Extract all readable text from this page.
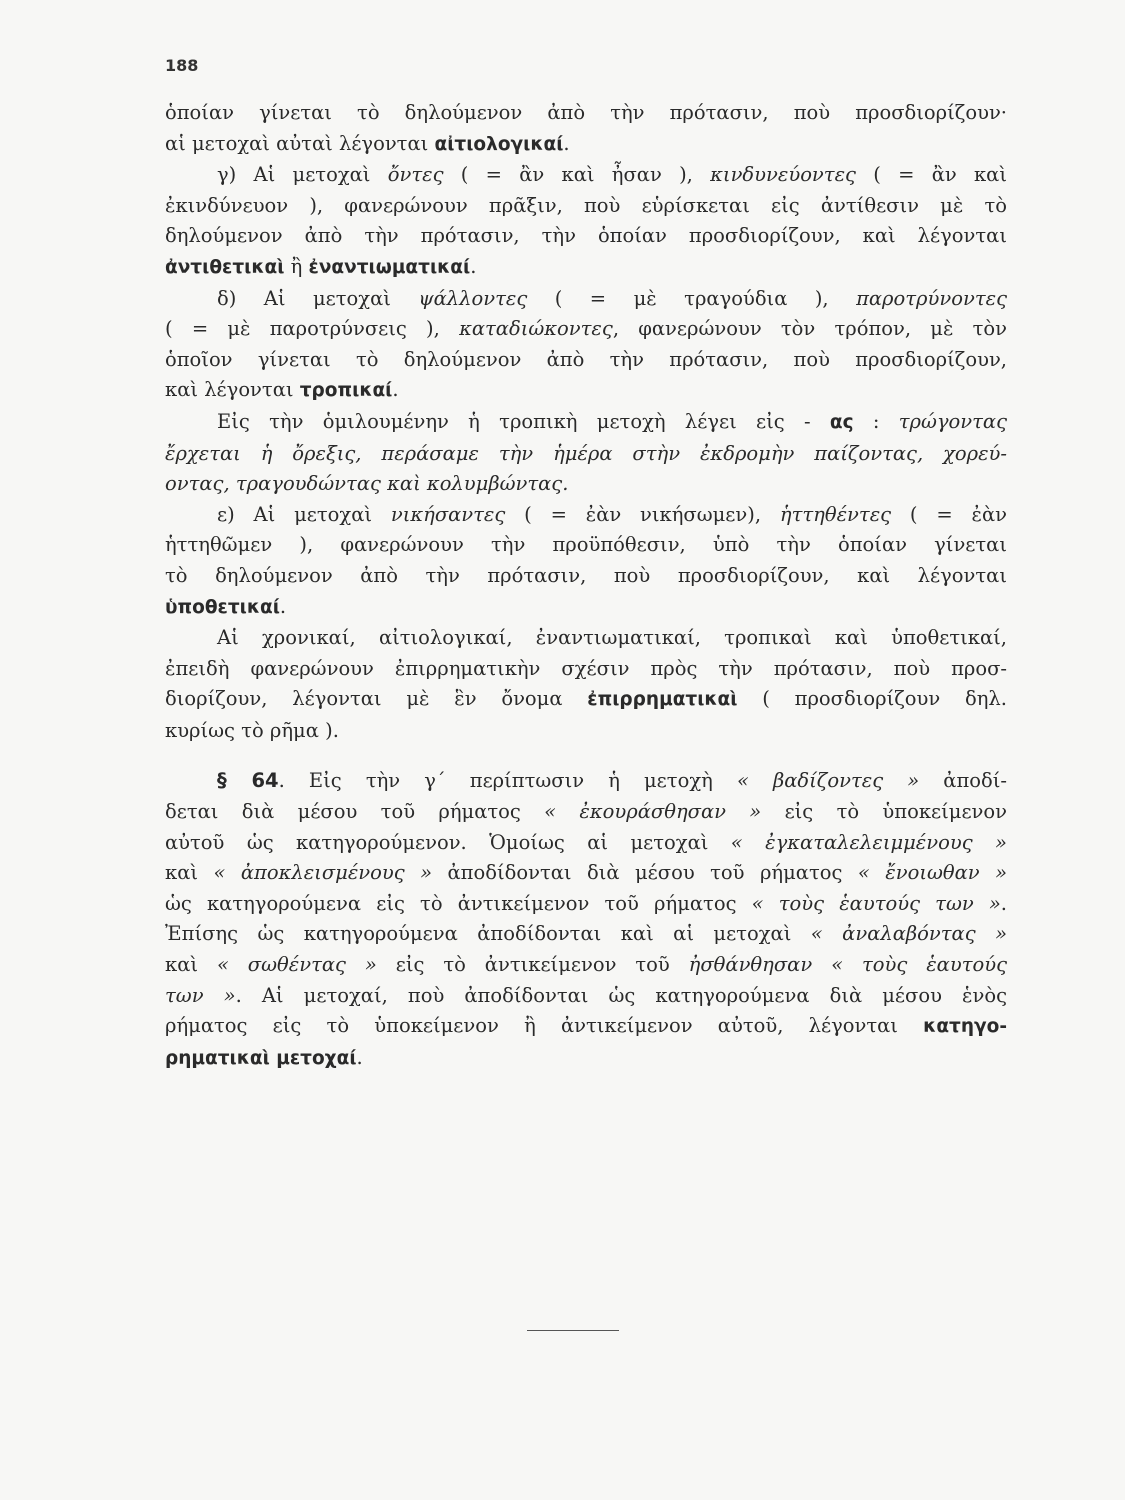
188
ὁποίαν γίνεται τὸ δηλούμενον ἀπὸ τὴν πρότασιν, ποὺ προσδιορίζουν·
αἱ μετοχαὶ αὐταὶ λέγονται αἰτιολογικαί.
γ) Αἱ μετοχαὶ ὄντες ( = ἂν καὶ ἦσαν ), κινδυνεύοντες ( = ἂν καὶ
ἐκινδύνευον ), φανερώνουν πρᾶξιν, ποὺ εὑρίσκεται εἰς ἀντίθεσιν μὲ τὸ
δηλούμενον ἀπὸ τὴν πρότασιν, τὴν ὁποίαν προσδιορίζουν, καὶ λέγονται
ἀντιθετικαὶ ἢ ἐναντιωματικαί.
δ) Αἱ μετοχαὶ ψάλλοντες ( = μὲ τραγούδια ), παροτρύνοντες
( = μὲ παροτρύνσεις ), καταδιώκοντες, φανερώνουν τὸν τρόπον, μὲ τὸν
ὁποῖον γίνεται τὸ δηλούμενον ἀπὸ τὴν πρότασιν, ποὺ προσδιορίζουν,
καὶ λέγονται τροπικαί.
Εἰς τὴν ὁμιλουμένην ἡ τροπικὴ μετοχὴ λέγει εἰς - ας : τρώγοντας
ἔρχεται ἡ ὄρεξις, περάσαμε τὴν ἡμέρα στὴν ἐκδρομὴν παίζοντας, χορεύ-
οντας, τραγουδώντας καὶ κολυμβώντας.
ε) Αἱ μετοχαὶ νικήσαντες ( = ἐὰν νικήσωμεν), ἡττηθέντες ( = ἐὰν
ἡττηθῶμεν ), φανερώνουν τὴν προϋπόθεσιν, ὑπὸ τὴν ὁποίαν γίνεται
τὸ δηλούμενον ἀπὸ τὴν πρότασιν, ποὺ προσδιορίζουν, καὶ λέγονται
ὑποθετικαί.
Αἱ χρονικαί, αἰτιολογικαί, ἐναντιωματικαί, τροπικαὶ καὶ ὑποθετικαί,
ἐπειδὴ φανερώνουν ἐπιρρηματικὴν σχέσιν πρὸς τὴν πρότασιν, ποὺ προσ-
διορίζουν, λέγονται μὲ ἓν ὄνομα ἐπιρρηματικαὶ ( προσδιορίζουν δηλ.
κυρίως τὸ ρῆμα ).
§ 64. Εἰς τὴν γ΄ περίπτωσιν ἡ μετοχὴ « βαδίζοντες » ἀποδί-
δεται διὰ μέσου τοῦ ρήματος « ἐκουράσθησαν » εἰς τὸ ὑποκείμενον
αὐτοῦ ὡς κατηγορούμενον. Ὁμοίως αἱ μετοχαὶ « ἐγκαταλελειμμένους »
καὶ « ἀποκλεισμένους » ἀποδίδονται διὰ μέσου τοῦ ρήματος « ἔνοιωθαν »
ὡς κατηγορούμενα εἰς τὸ ἀντικείμενον τοῦ ρήματος « τοὺς ἑαυτούς των ».
Ἐπίσης ὡς κατηγορούμενα ἀποδίδονται καὶ αἱ μετοχαὶ « ἀναλαβόντας »
καὶ « σωθέντας » εἰς τὸ ἀντικείμενον τοῦ ἠσθάνθησαν « τοὺς ἑαυτούς
των ». Αἱ μετοχαί, ποὺ ἀποδίδονται ὡς κατηγορούμενα διὰ μέσου ἑνὸς
ρήματος εἰς τὸ ὑποκείμενον ἢ ἀντικείμενον αὐτοῦ, λέγονται κατηγο-
ρηματικαὶ μετοχαί.
